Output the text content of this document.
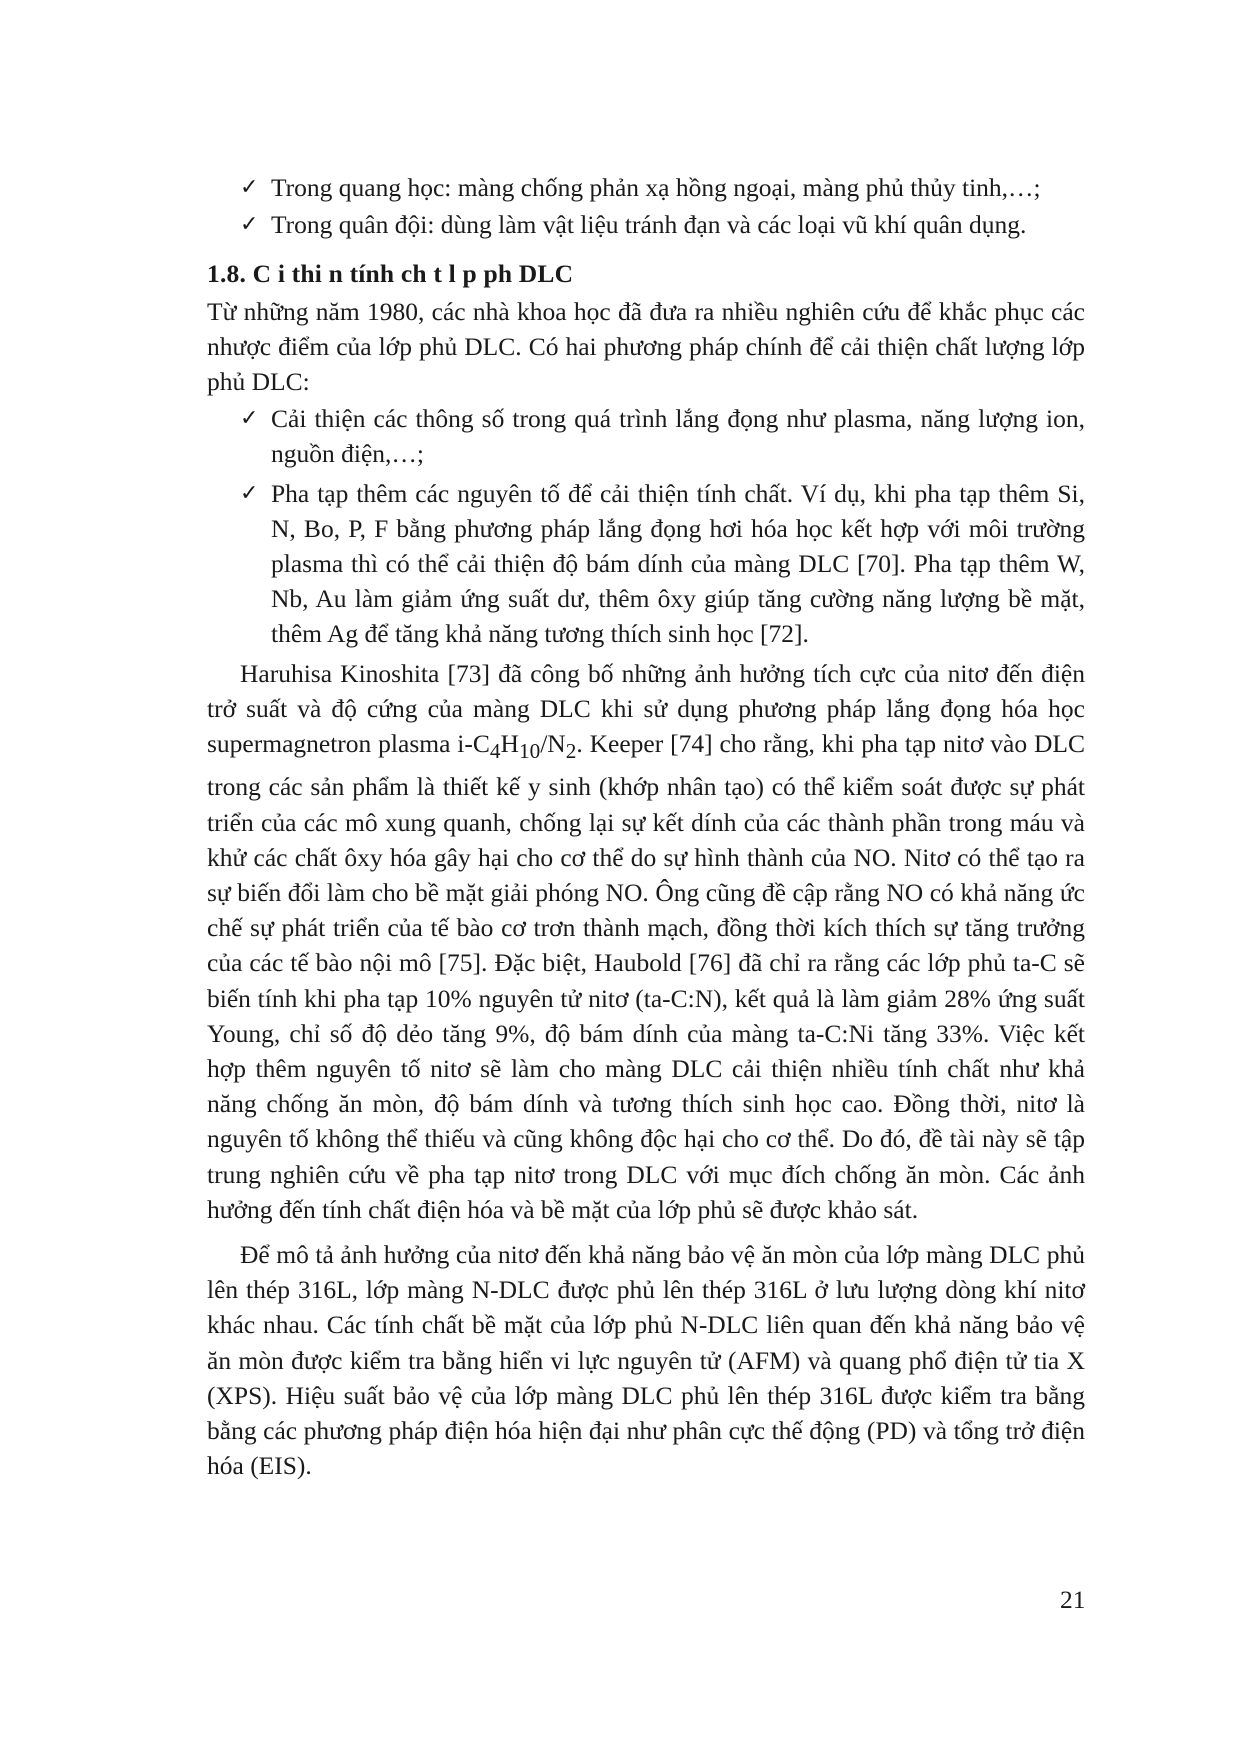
✓ Trong quang học: màng chống phản xạ hồng ngoại, màng phủ thủy tinh,…;
✓ Trong quân đội: dùng làm vật liệu tránh đạn và các loại vũ khí quân dụng.
1.8. C i thi n tính ch t l p ph DLC

Từ những năm 1980, các nhà khoa học đã đưa ra nhiều nghiên cứu để khắc phục các nhược điểm của lớp phủ DLC. Có hai phương pháp chính để cải thiện chất lượng lớp phủ DLC:

✓ Cải thiện các thông số trong quá trình lắng đọng như plasma, năng lượng ion, nguồn điện,…;
✓ Pha tạp thêm các nguyên tố để cải thiện tính chất. Ví dụ, khi pha tạp thêm Si, N, Bo, P, F bằng phương pháp lắng đọng hơi hóa học kết hợp với môi trường plasma thì có thể cải thiện độ bám dính của màng DLC [70]. Pha tạp thêm W, Nb, Au làm giảm ứng suất dư, thêm ôxy giúp tăng cường năng lượng bề mặt, thêm Ag để tăng khả năng tương thích sinh học [72].

Haruhisa Kinoshita [73] đã công bố những ảnh hưởng tích cực của nitơ đến điện trở suất và độ cứng của màng DLC khi sử dụng phương pháp lắng đọng hóa học supermagnetron plasma $i-C_4H_{10}/N_2$. Keeper [74] cho rằng, khi pha tạp nitơ vào DLC trong các sản phẩm là thiết kế y sinh (khớp nhân tạo) có thể kiểm soát được sự phát triển của các mô xung quanh, chống lại sự kết dính của các thành phần trong máu và khử các chất ôxy hóa gây hại cho cơ thể do sự hình thành của NO. Nitơ có thể tạo ra sự biến đổi làm cho bề mặt giải phóng NO. Ông cũng đề cập rằng NO có khả năng ức chế sự phát triển của tế bào cơ trơn thành mạch, đồng thời kích thích sự tăng trưởng của các tế bào nội mô [75]. Đặc biệt, Haubold [76] đã chỉ ra rằng các lớp phủ ta-C sẽ biến tính khi pha tạp 10% nguyên tử nitơ (ta-C:N), kết quả là làm giảm 28% ứng suất Young, chỉ số độ dẻo tăng 9%, độ bám dính của màng ta-C:Ni tăng 33%. Việc kết hợp thêm nguyên tố nitơ sẽ làm cho màng DLC cải thiện nhiều tính chất như khả năng chống ăn mòn, độ bám dính và tương thích sinh học cao. Đồng thời, nitơ là nguyên tố không thể thiếu và cũng không độc hại cho cơ thể. Do đó, đề tài này sẽ tập trung nghiên cứu về pha tạp nitơ trong DLC với mục đích chống ăn mòn. Các ảnh hưởng đến tính chất điện hóa và bề mặt của lớp phủ sẽ được khảo sát.

Để mô tả ảnh hưởng của nitơ đến khả năng bảo vệ ăn mòn của lớp màng DLC phủ lên thép 316L, lớp màng N-DLC được phủ lên thép 316L ở lưu lượng dòng khí nitơ khác nhau. Các tính chất bề mặt của lớp phủ N-DLC liên quan đến khả năng bảo vệ ăn mòn được kiểm tra bằng hiển vi lực nguyên tử (AFM) và quang phổ điện tử tia X (XPS). Hiệu suất bảo vệ của lớp màng DLC phủ lên thép 316L được kiểm tra bằng bằng các phương pháp điện hóa hiện đại như phân cực thế động (PD) và tổng trở điện hóa (EIS).

21
